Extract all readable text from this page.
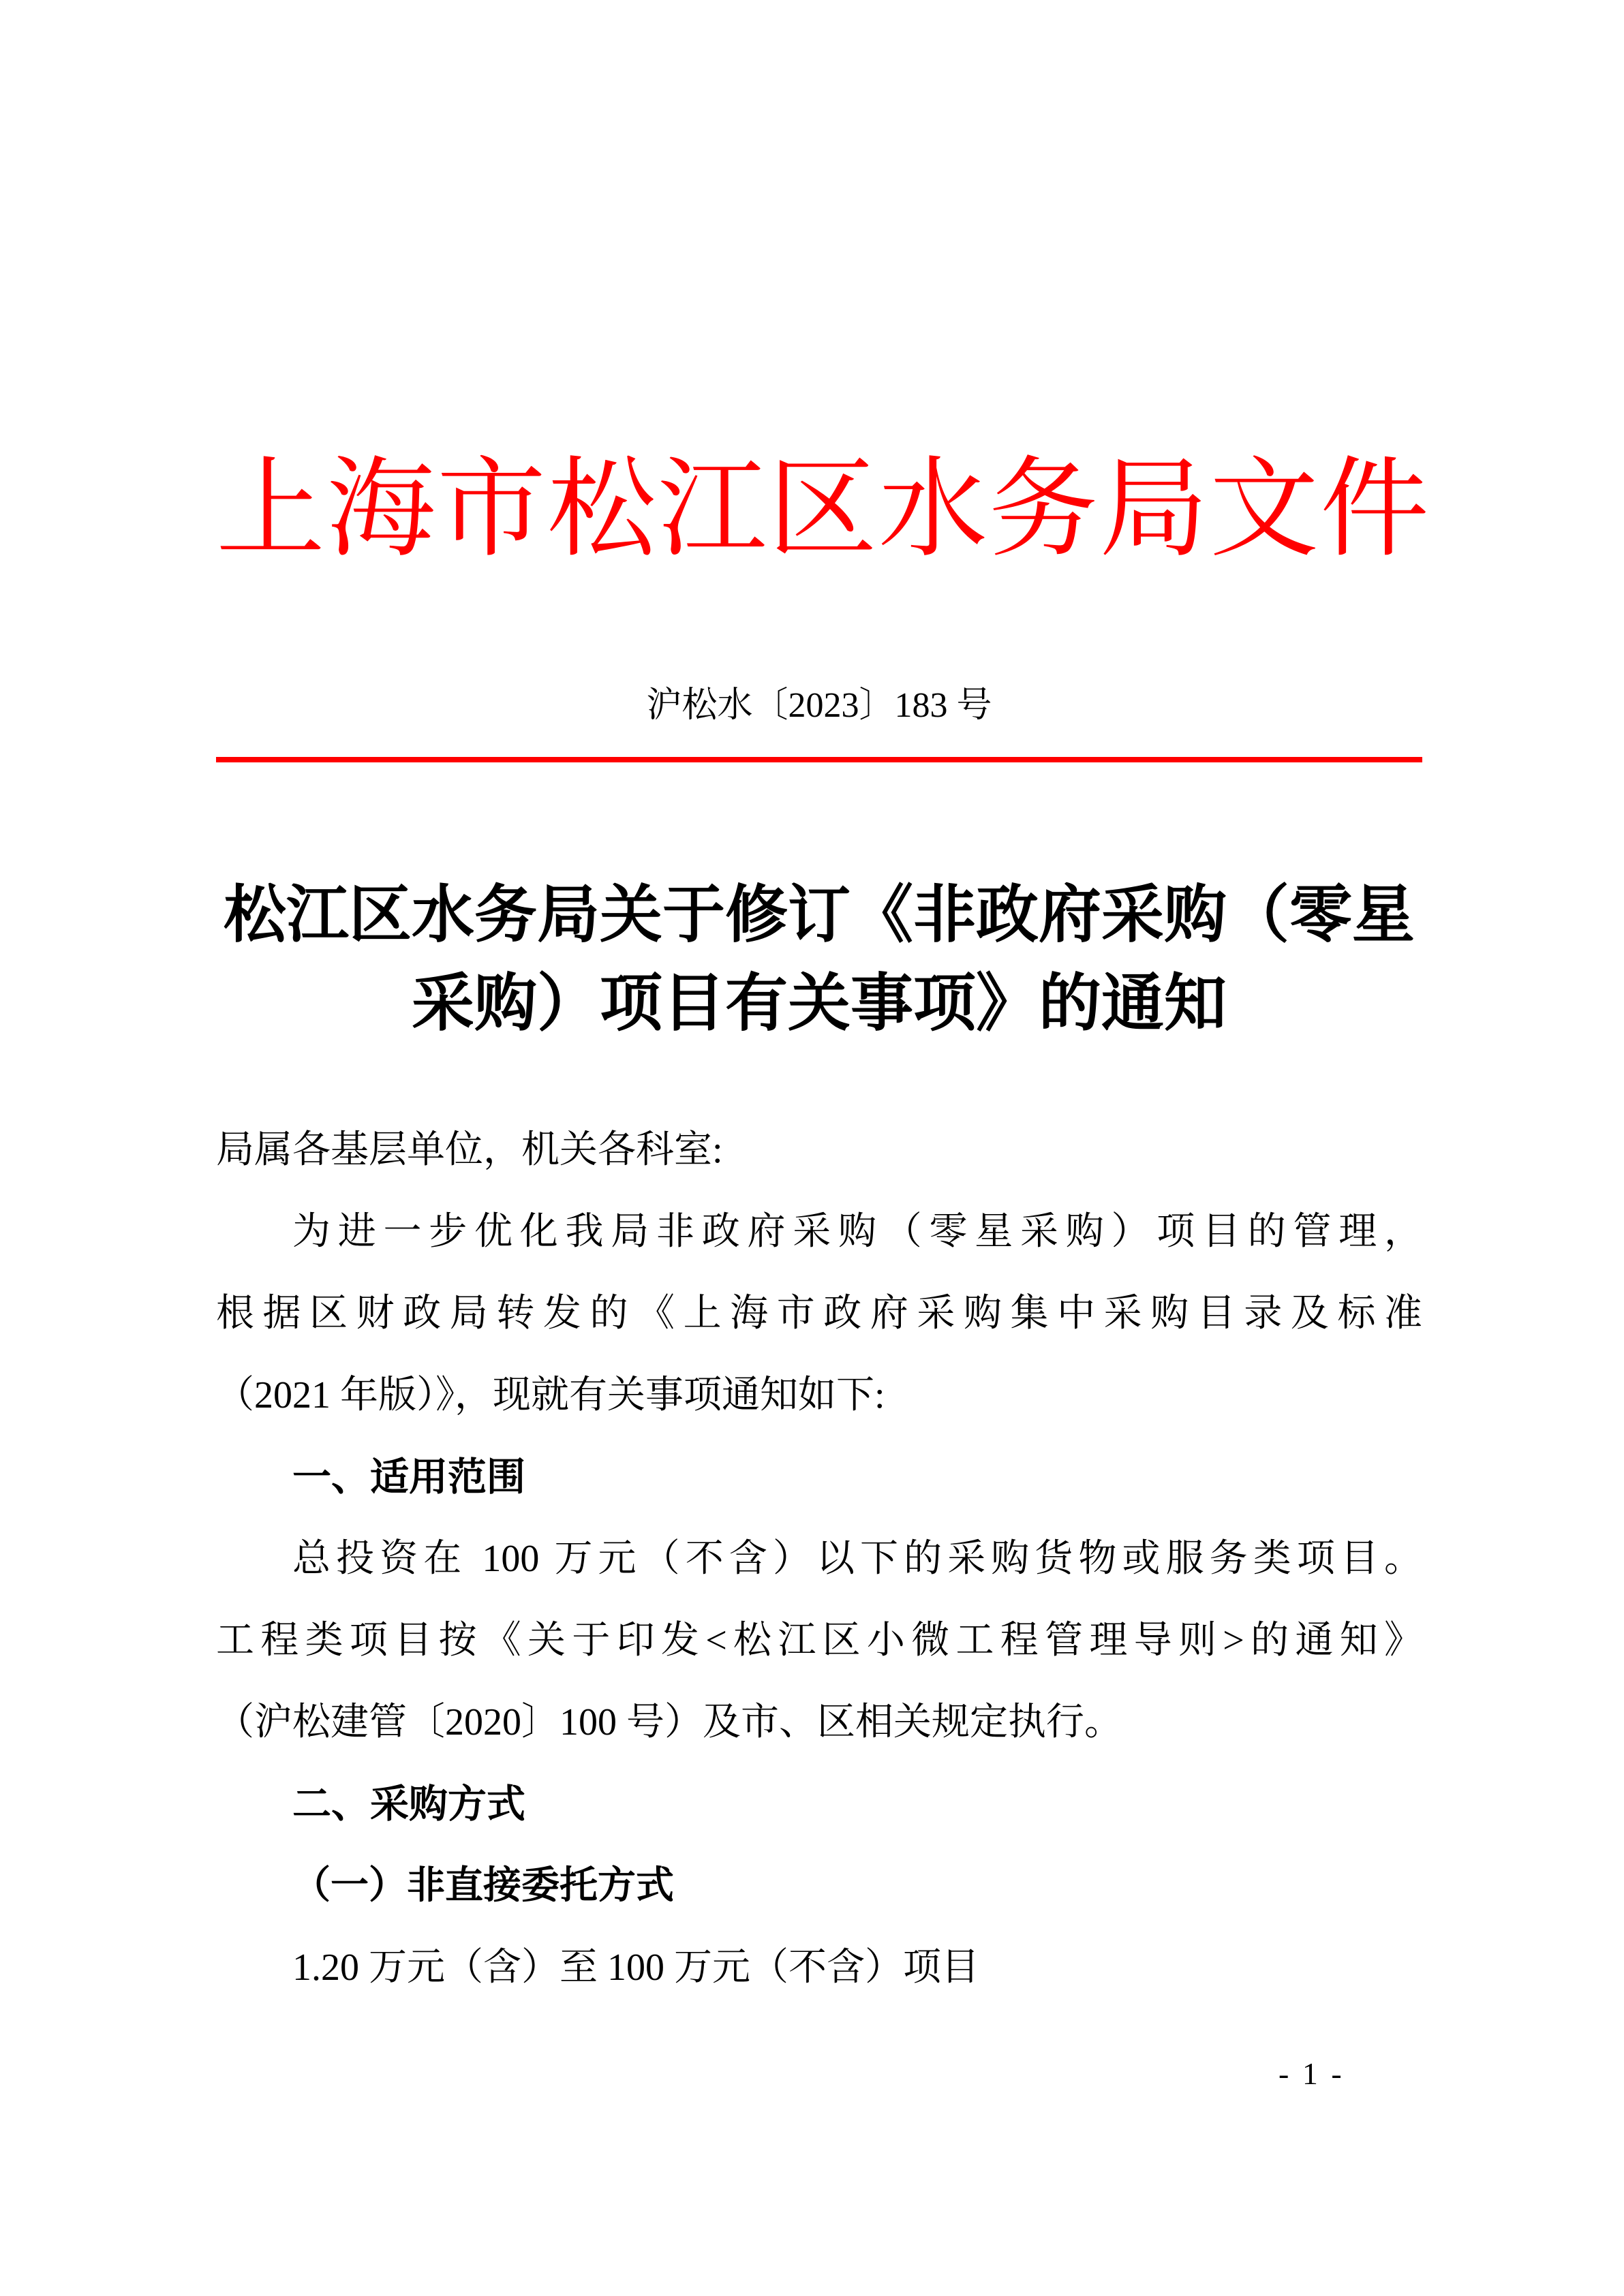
上海市松江区水务局文件
沪松水〔2023〕183 号
松江区水务局关于修订《非政府采购（零星
采购）项目有关事项》的通知
局属各基层单位，机关各科室:
为进一步优化我局非政府采购（零星采购）项目的管理，
根据区财政局转发的《上海市政府采购集中采购目录及标准
（2021 年版）》，现就有关事项通知如下:
一、适用范围
总投资在 100 万元（不含）以下的采购货物或服务类项目。
工程类项目按《关于印发<松江区小微工程管理导则>的通知》
（沪松建管〔2020〕100 号）及市、区相关规定执行。
二、采购方式
（一）非直接委托方式
1.20 万元（含）至 100 万元（不含）项目
- 1 -
